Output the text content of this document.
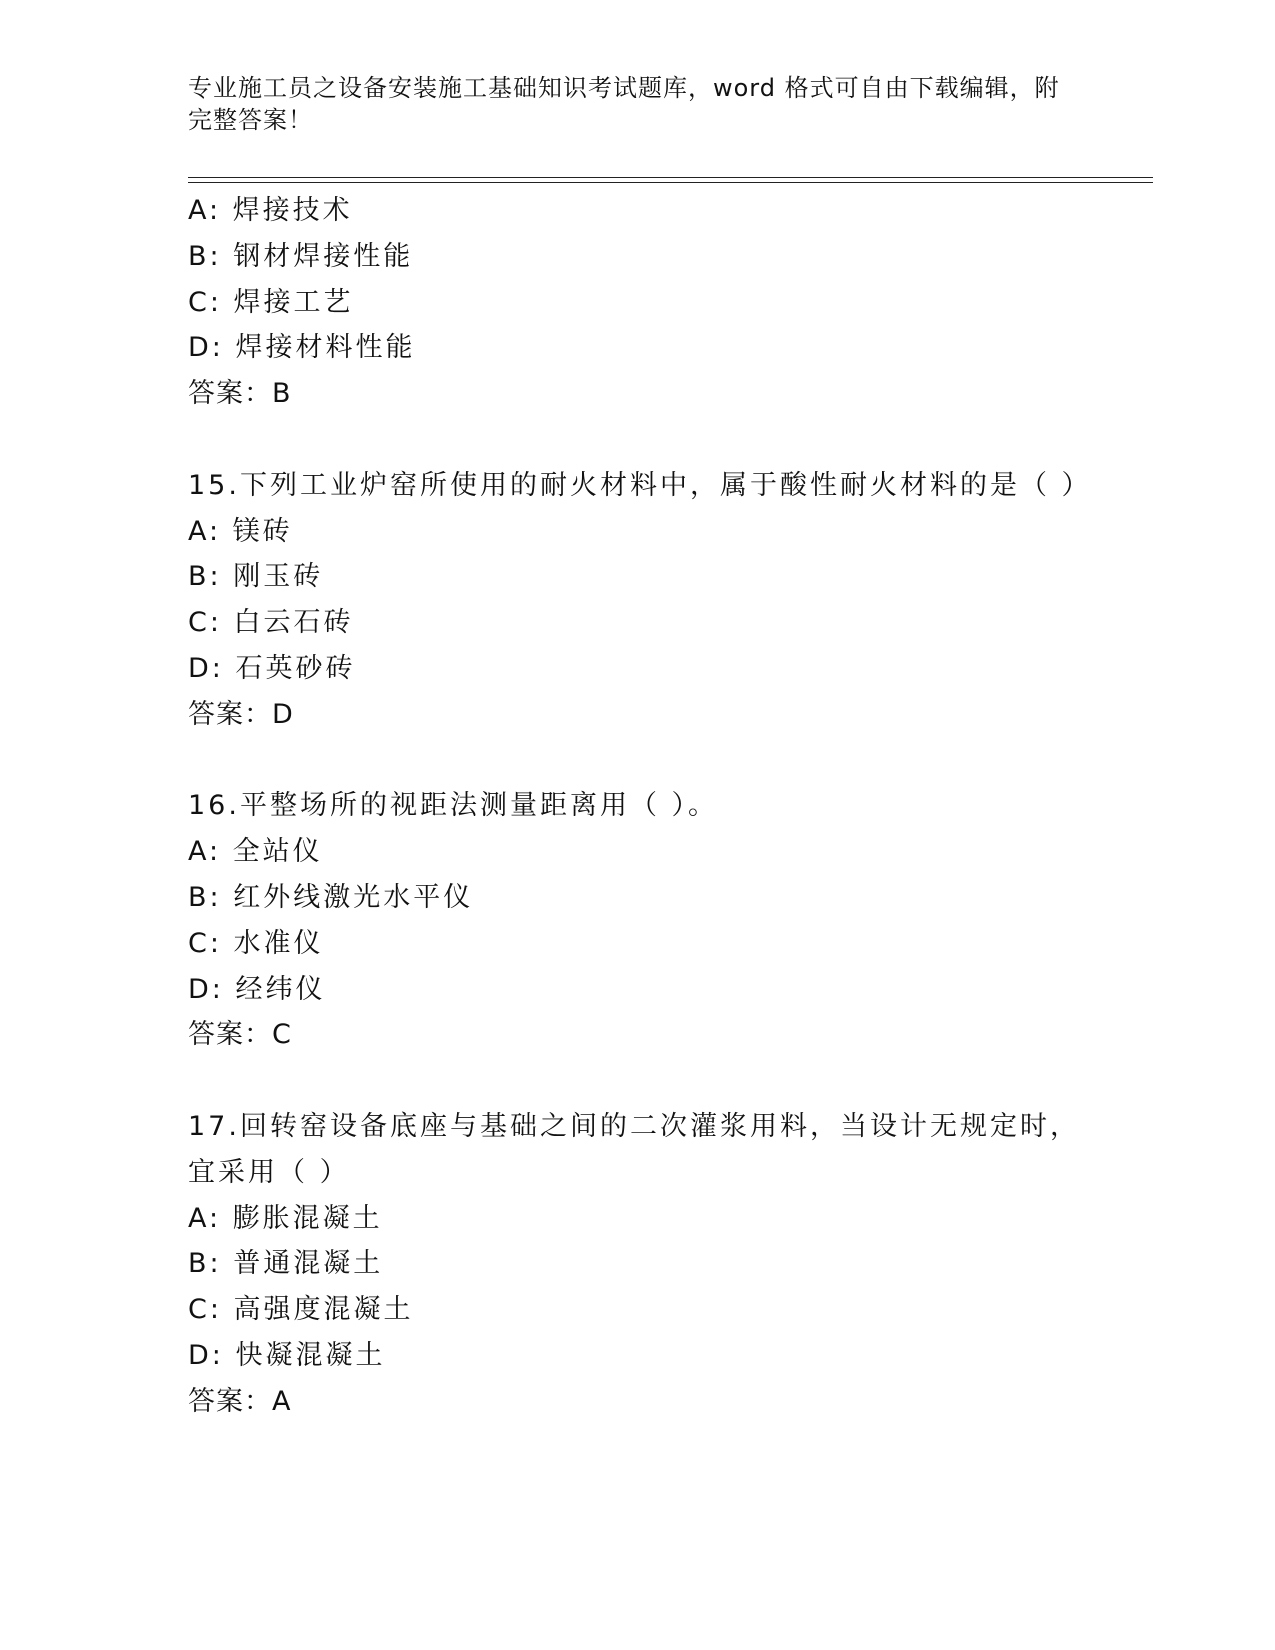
专业施工员之设备安装施工基础知识考试题库，word 格式可自由下载编辑，附完整答案！
A: 焊接技术
B: 钢材焊接性能
C: 焊接工艺
D: 焊接材料性能
答案：B
15.下列工业炉窑所使用的耐火材料中，属于酸性耐火材料的是（ ）
A: 镁砖
B: 刚玉砖
C: 白云石砖
D: 石英砂砖
答案：D
16.平整场所的视距法测量距离用（ ）。
A: 全站仪
B: 红外线激光水平仪
C: 水准仪
D: 经纬仪
答案：C
17.回转窑设备底座与基础之间的二次灌浆用料，当设计无规定时，宜采用（ ）
A: 膨胀混凝土
B: 普通混凝土
C: 高强度混凝土
D: 快凝混凝土
答案：A
